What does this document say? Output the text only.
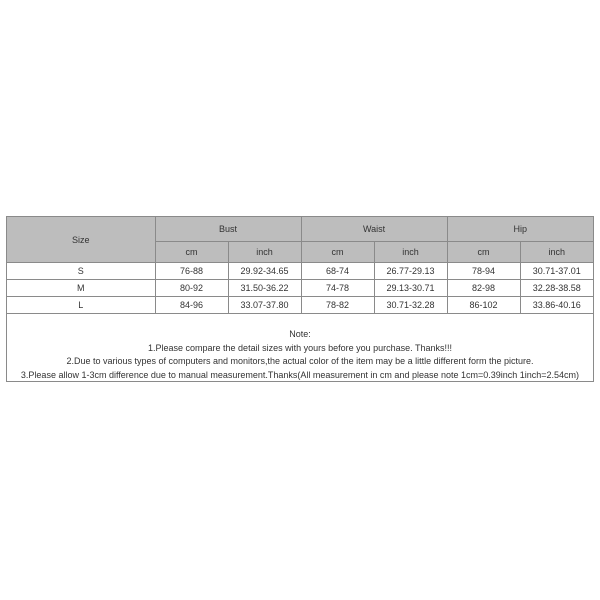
Size	Bust		Waist		Hip	
	cm	inch	cm	inch	cm	inch
S	76-88	29.92-34.65	68-74	26.77-29.13	78-94	30.71-37.01
M	80-92	31.50-36.22	74-78	29.13-30.71	82-98	32.28-38.58
L	84-96	33.07-37.80	78-82	30.71-32.28	86-102	33.86-40.16
Note:
1.Please compare the detail sizes with yours before you purchase. Thanks!!!
2.Due to various types of computers and monitors,the actual color of the item may be a little different form the picture.
3.Please allow 1-3cm difference due to manual measurement.Thanks(All measurement in cm and please note 1cm=0.39inch 1inch=2.54cm)
